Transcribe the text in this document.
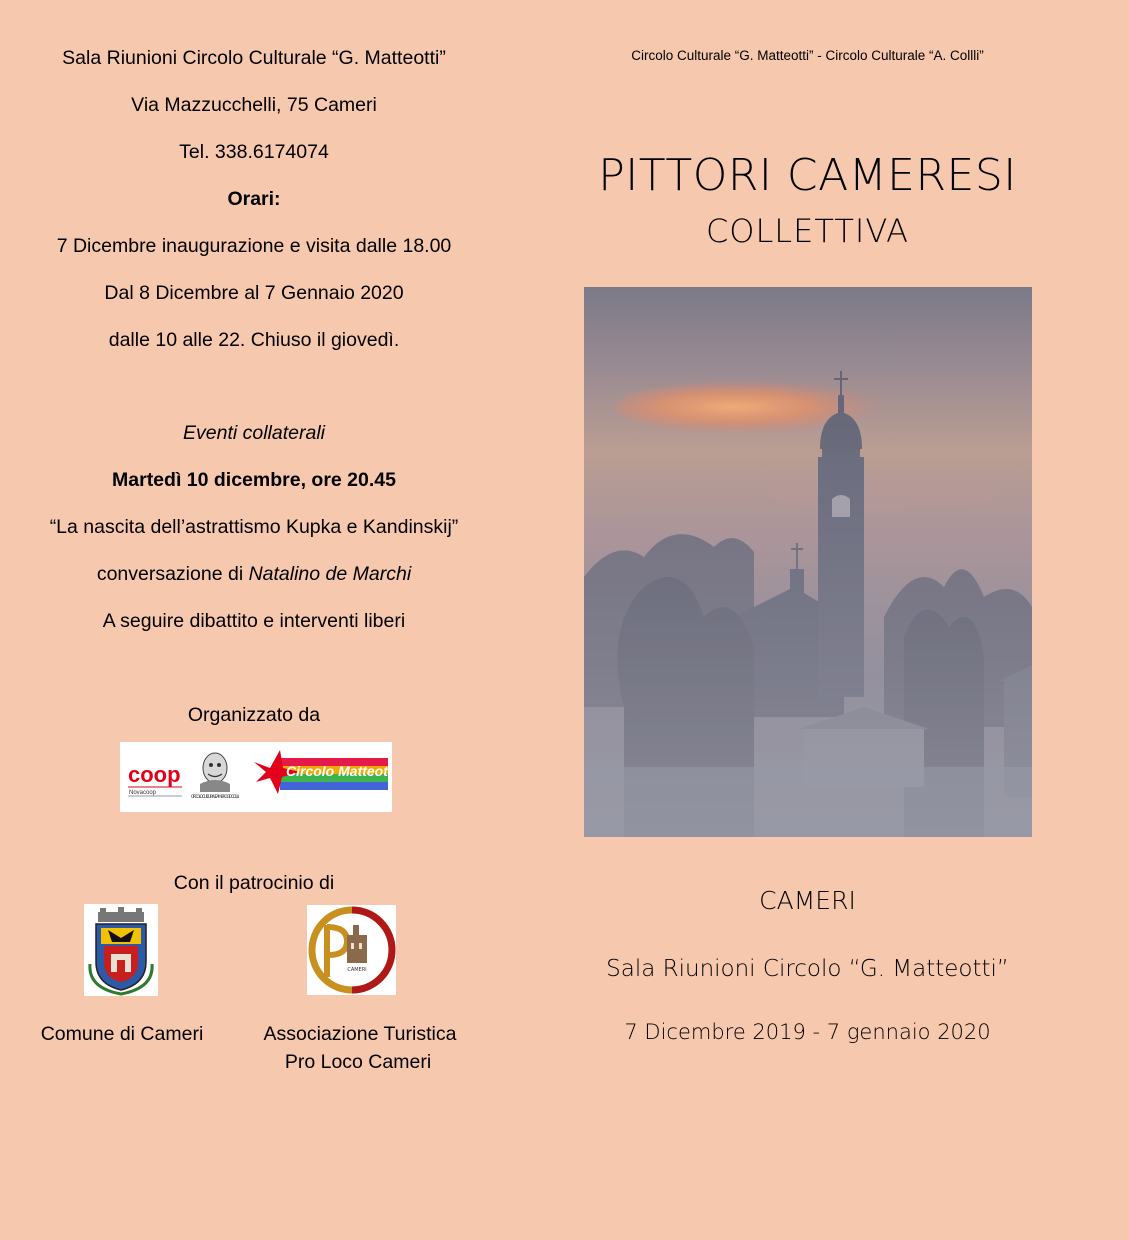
Sala Riunioni Circolo Culturale “G. Matteotti”
Via Mazzucchelli, 75 Cameri
Tel. 338.6174074
Orari:
7 Dicembre inaugurazione e visita dalle 18.00
Dal 8 Dicembre al 7 Gennaio 2020
dalle 10 alle 22. Chiuso il giovedì.
Eventi collaterali
Martedì 10 dicembre, ore 20.45
“La nascita dell’astrattismo Kupka e Kandinskij”
conversazione di Natalino de Marchi
A seguire dibattito e interventi liberi
Organizzato da
Con il patrocinio di
Comune di Cameri	Associazione Turistica
Pro Loco Cameri
coop
Novacoop
CIRCOLO CULTURALE AMBROGIO COLLI
Circolo Matteotti
CAMERI
Circolo Culturale “G. Matteotti” - Circolo Culturale “A. Collli”
PITTORI CAMERESI
COLLETTIVA
CAMERI
Sala Riunioni Circolo “G. Matteotti”
7 Dicembre 2019 - 7 gennaio 2020
